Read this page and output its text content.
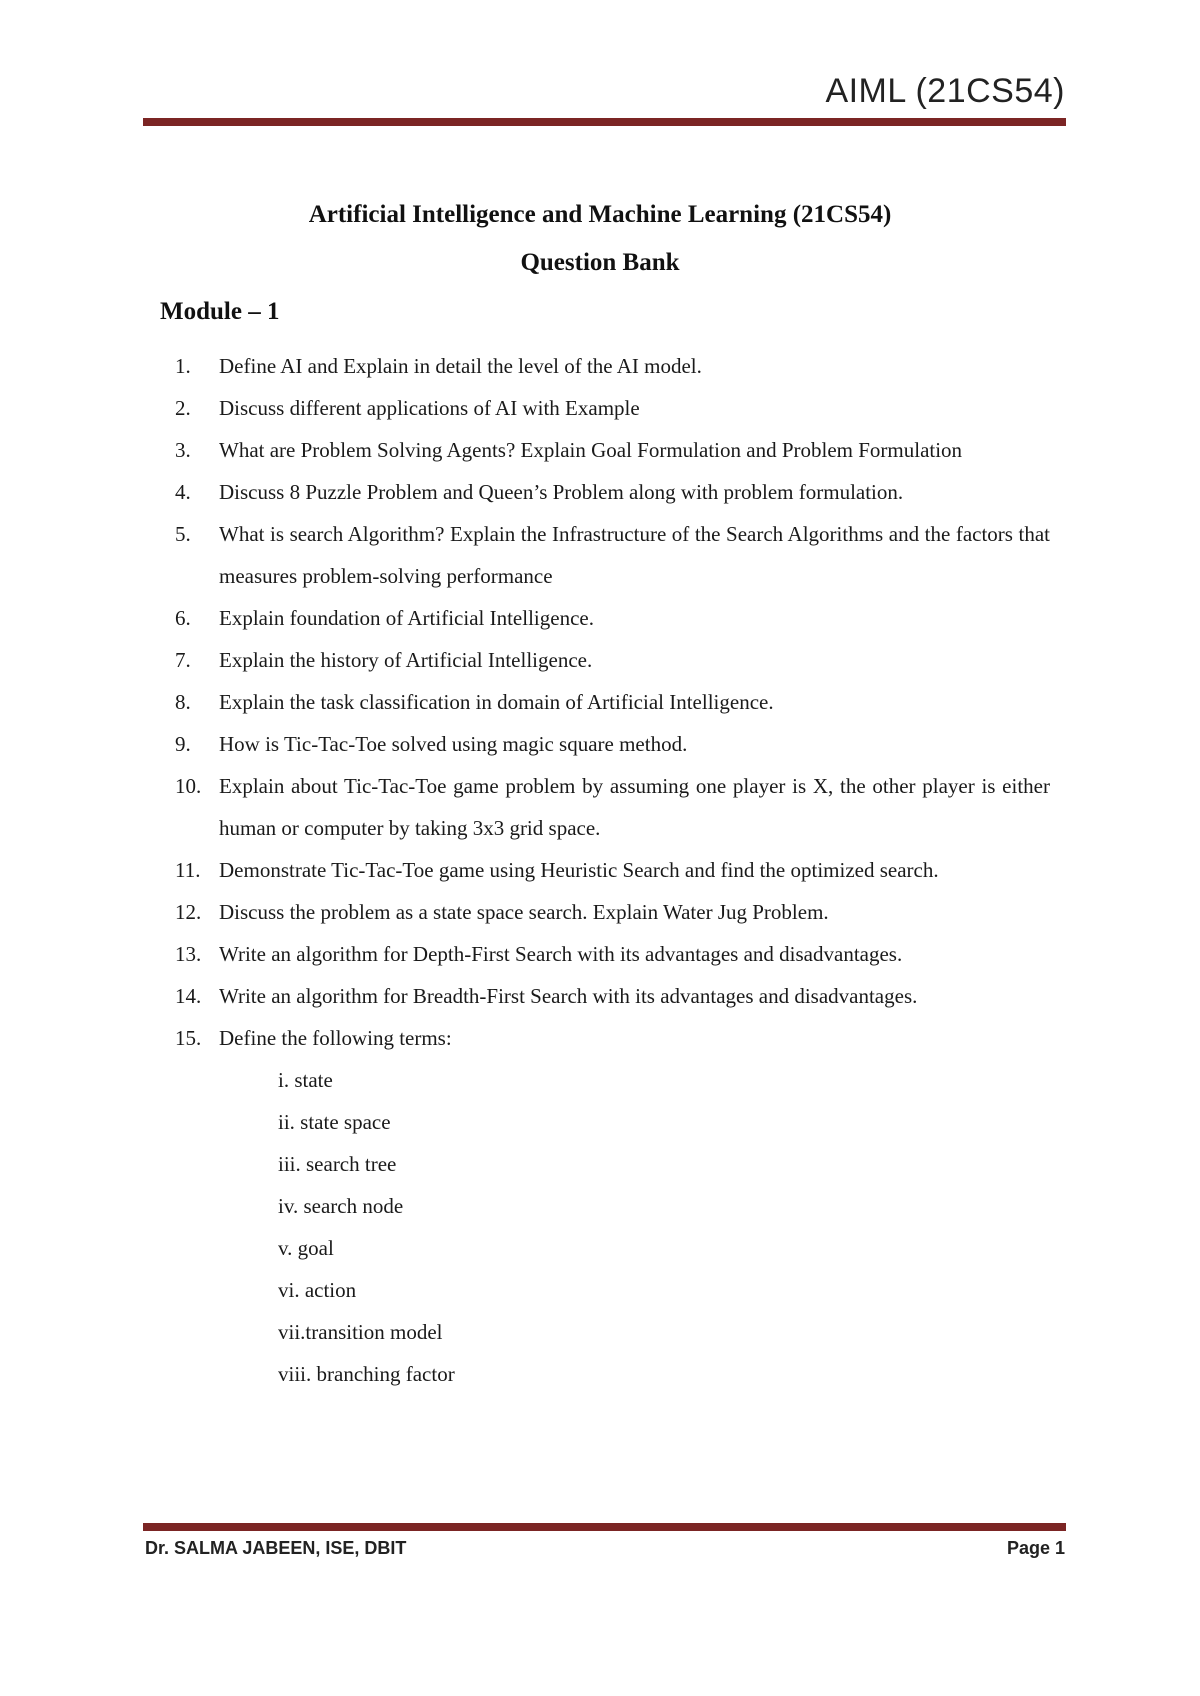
AIML (21CS54)
Artificial Intelligence and Machine Learning (21CS54)
Question Bank
Module – 1
1.	Define AI and Explain in detail the level of the AI model.
2.	Discuss different applications of AI with Example
3.	What are Problem Solving Agents? Explain Goal Formulation and Problem Formulation
4.	Discuss 8 Puzzle Problem and Queen’s Problem along with problem formulation.
5.	What is search Algorithm? Explain the Infrastructure of the Search Algorithms and the factors that measures problem-solving performance
6.	Explain foundation of Artificial Intelligence.
7.	Explain the history of Artificial Intelligence.
8.	Explain the task classification in domain of Artificial Intelligence.
9.	How is Tic-Tac-Toe solved using magic square method.
10. Explain about Tic-Tac-Toe game problem by assuming one player is X, the other player is either human or computer by taking 3x3 grid space.
11. Demonstrate Tic-Tac-Toe game using Heuristic Search and find the optimized search.
12. Discuss the problem as a state space search. Explain Water Jug Problem.
13. Write an algorithm for Depth-First Search with its advantages and disadvantages.
14. Write an algorithm for Breadth-First Search with its advantages and disadvantages.
15. Define the following terms:
i. state
ii. state space
iii. search tree
iv. search node
v. goal
vi. action
vii.transition model
viii. branching factor
Dr. SALMA JABEEN, ISE, DBIT	Page 1
